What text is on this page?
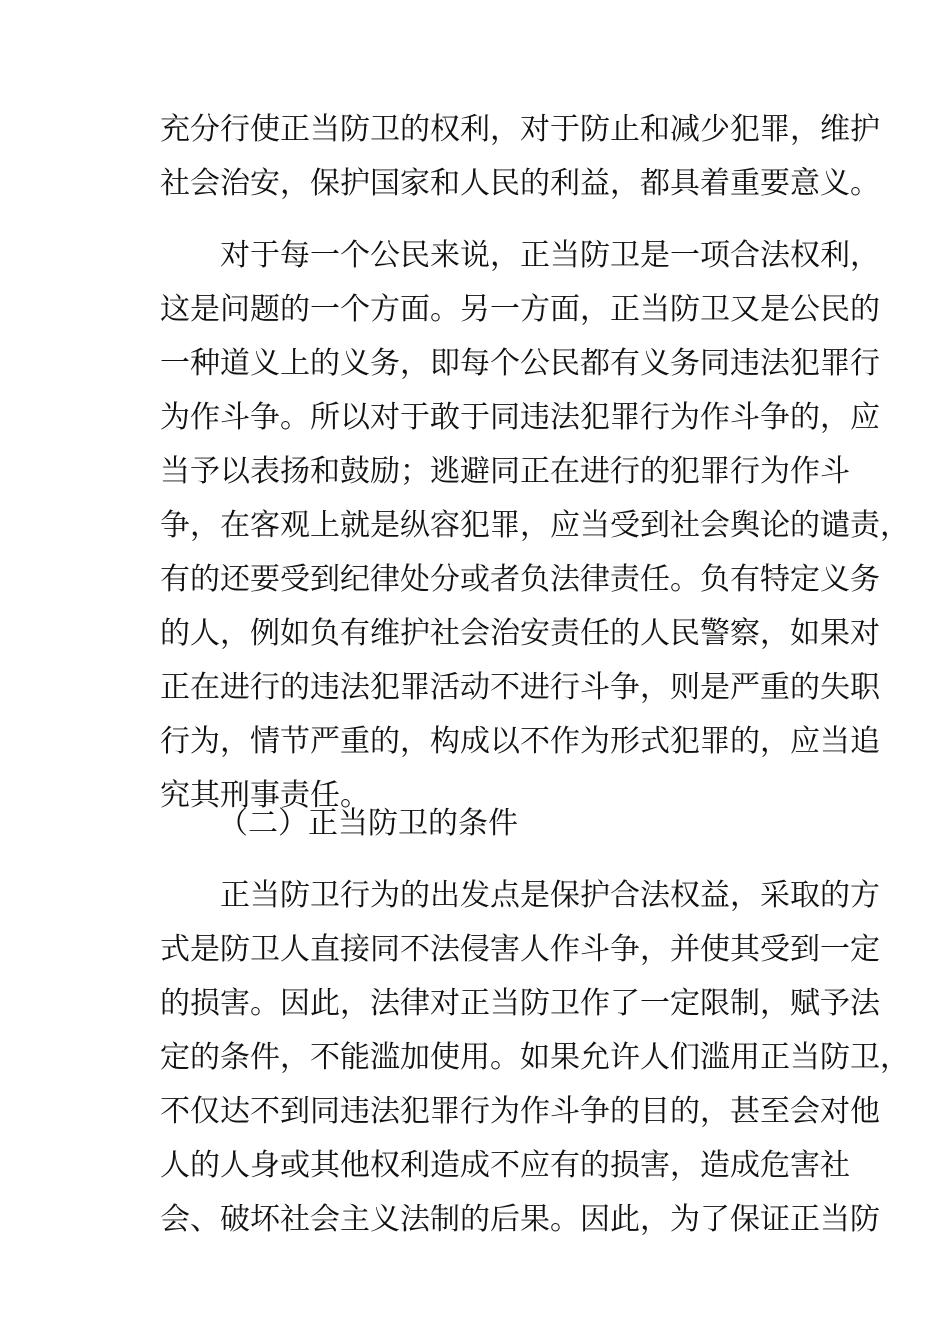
充分行使正当防卫的权利，对于防止和减少犯罪，维护
社会治安，保护国家和人民的利益，都具着重要意义。
对于每一个公民来说，正当防卫是一项合法权利，
这是问题的一个方面。另一方面，正当防卫又是公民的
一种道义上的义务，即每个公民都有义务同违法犯罪行
为作斗争。所以对于敢于同违法犯罪行为作斗争的，应
当予以表扬和鼓励；逃避同正在进行的犯罪行为作斗
争，在客观上就是纵容犯罪，应当受到社会舆论的谴责，
有的还要受到纪律处分或者负法律责任。负有特定义务
的人，例如负有维护社会治安责任的人民警察，如果对
正在进行的违法犯罪活动不进行斗争，则是严重的失职
行为，情节严重的，构成以不作为形式犯罪的，应当追
究其刑事责任。
（二）正当防卫的条件
正当防卫行为的出发点是保护合法权益，采取的方
式是防卫人直接同不法侵害人作斗争，并使其受到一定
的损害。因此，法律对正当防卫作了一定限制，赋予法
定的条件，不能滥加使用。如果允许人们滥用正当防卫，
不仅达不到同违法犯罪行为作斗争的目的，甚至会对他
人的人身或其他权利造成不应有的损害，造成危害社
会、破坏社会主义法制的后果。因此，为了保证正当防
